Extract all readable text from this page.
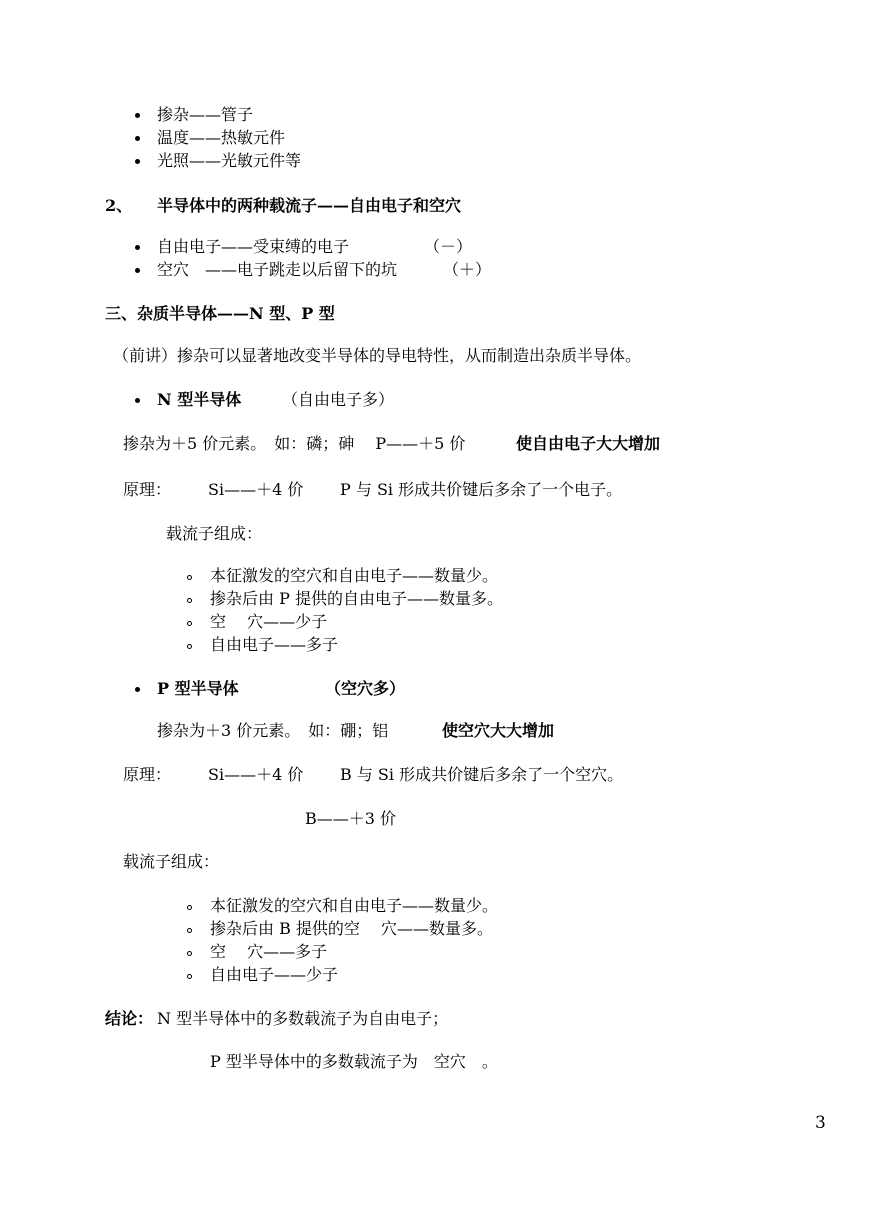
掺杂——管子
温度——热敏元件
光照——光敏元件等
2、 半导体中的两种载流子——自由电子和空穴
自由电子——受束缚的电子	（－）
空穴　——电子跳走以后留下的坑	（＋）
三、杂质半导体——N 型、P 型
（前讲）掺杂可以显著地改变半导体的导电特性，从而制造出杂质半导体。
N 型半导体	（自由电子多）
掺杂为＋5 价元素。　如：磷；砷　 P——＋5 价	使自由电子大大增加
原理： Si——＋4 价 P 与 Si 形成共价键后多余了一个电子。
载流子组成：
本征激发的空穴和自由电子——数量少。
掺杂后由 P 提供的自由电子——数量多。
空　 穴——少子
自由电子——多子
P 型半导体	（空穴多）
掺杂为＋3 价元素。　如：硼；铝	使空穴大大增加
原理： Si——＋4 价 B 与 Si 形成共价键后多余了一个空穴。
B——＋3 价
载流子组成：
本征激发的空穴和自由电子——数量少。
掺杂后由 B 提供的空　 穴——数量多。
空　 穴——多子
自由电子——少子
结论： N 型半导体中的多数载流子为自由电子；
P 型半导体中的多数载流子为　空穴　。
3
